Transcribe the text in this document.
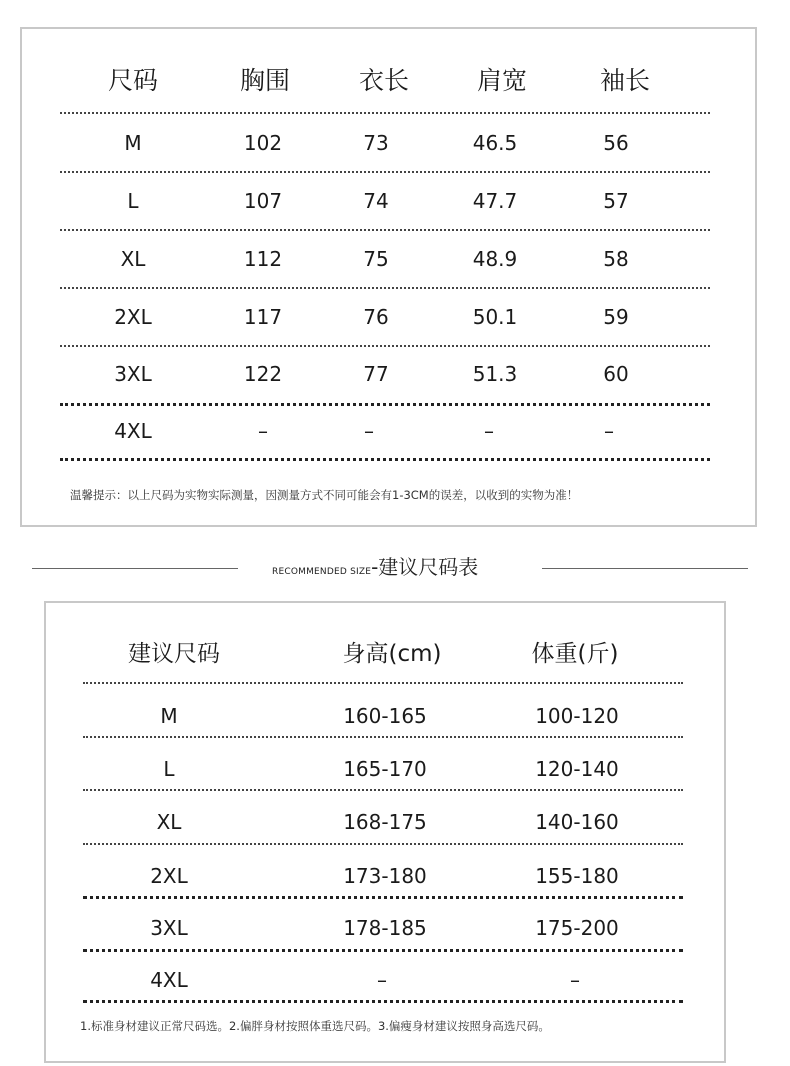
尺码	胸围	衣长	肩宽	袖长
M	102	73	46.5	56
L	107	74	47.7	57
XL	112	75	48.9	58
2XL	117	76	50.1	59
3XL	122	77	51.3	60
4XL	–	–	–	–
温馨提示：以上尺码为实物实际测量，因测量方式不同可能会有1-3CM的误差，以收到的实物为准！
RECOMMENDED SIZE-建议尺码表
建议尺码	身高(cm)	体重(斤)
M	160-165	100-120
L	165-170	120-140
XL	168-175	140-160
2XL	173-180	155-180
3XL	178-185	175-200
4XL	–	–
1.标准身材建议正常尺码选。2.偏胖身材按照体重选尺码。3.偏瘦身材建议按照身高选尺码。
